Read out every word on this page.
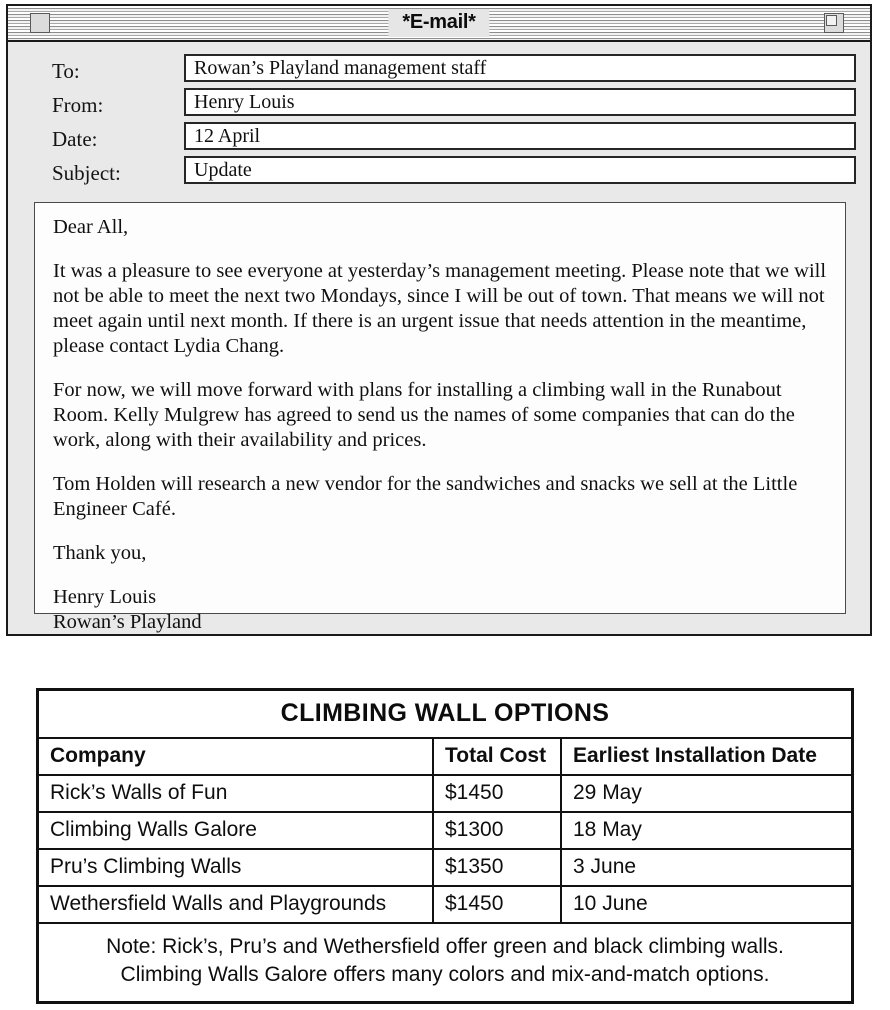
*E-mail*
To:	Rowan’s Playland management staff
From:	Henry Louis
Date:	12 April
Subject:	Update

Dear All,

It was a pleasure to see everyone at yesterday’s management meeting. Please note that we will not be able to meet the next two Mondays, since I will be out of town. That means we will not meet again until next month. If there is an urgent issue that needs attention in the meantime, please contact Lydia Chang.

For now, we will move forward with plans for installing a climbing wall in the Runabout Room. Kelly Mulgrew has agreed to send us the names of some companies that can do the work, along with their availability and prices.

Tom Holden will research a new vendor for the sandwiches and snacks we sell at the Little Engineer Café.

Thank you,

Henry Louis

Rowan’s Playland

CLIMBING WALL OPTIONS
Company	Total Cost	Earliest Installation Date
Rick’s Walls of Fun	$1450	29 May
Climbing Walls Galore	$1300	18 May
Pru’s Climbing Walls	$1350	3 June
Wethersfield Walls and Playgrounds	$1450	10 June
Note: Rick’s, Pru’s and Wethersfield offer green and black climbing walls.
Climbing Walls Galore offers many colors and mix-and-match options.
